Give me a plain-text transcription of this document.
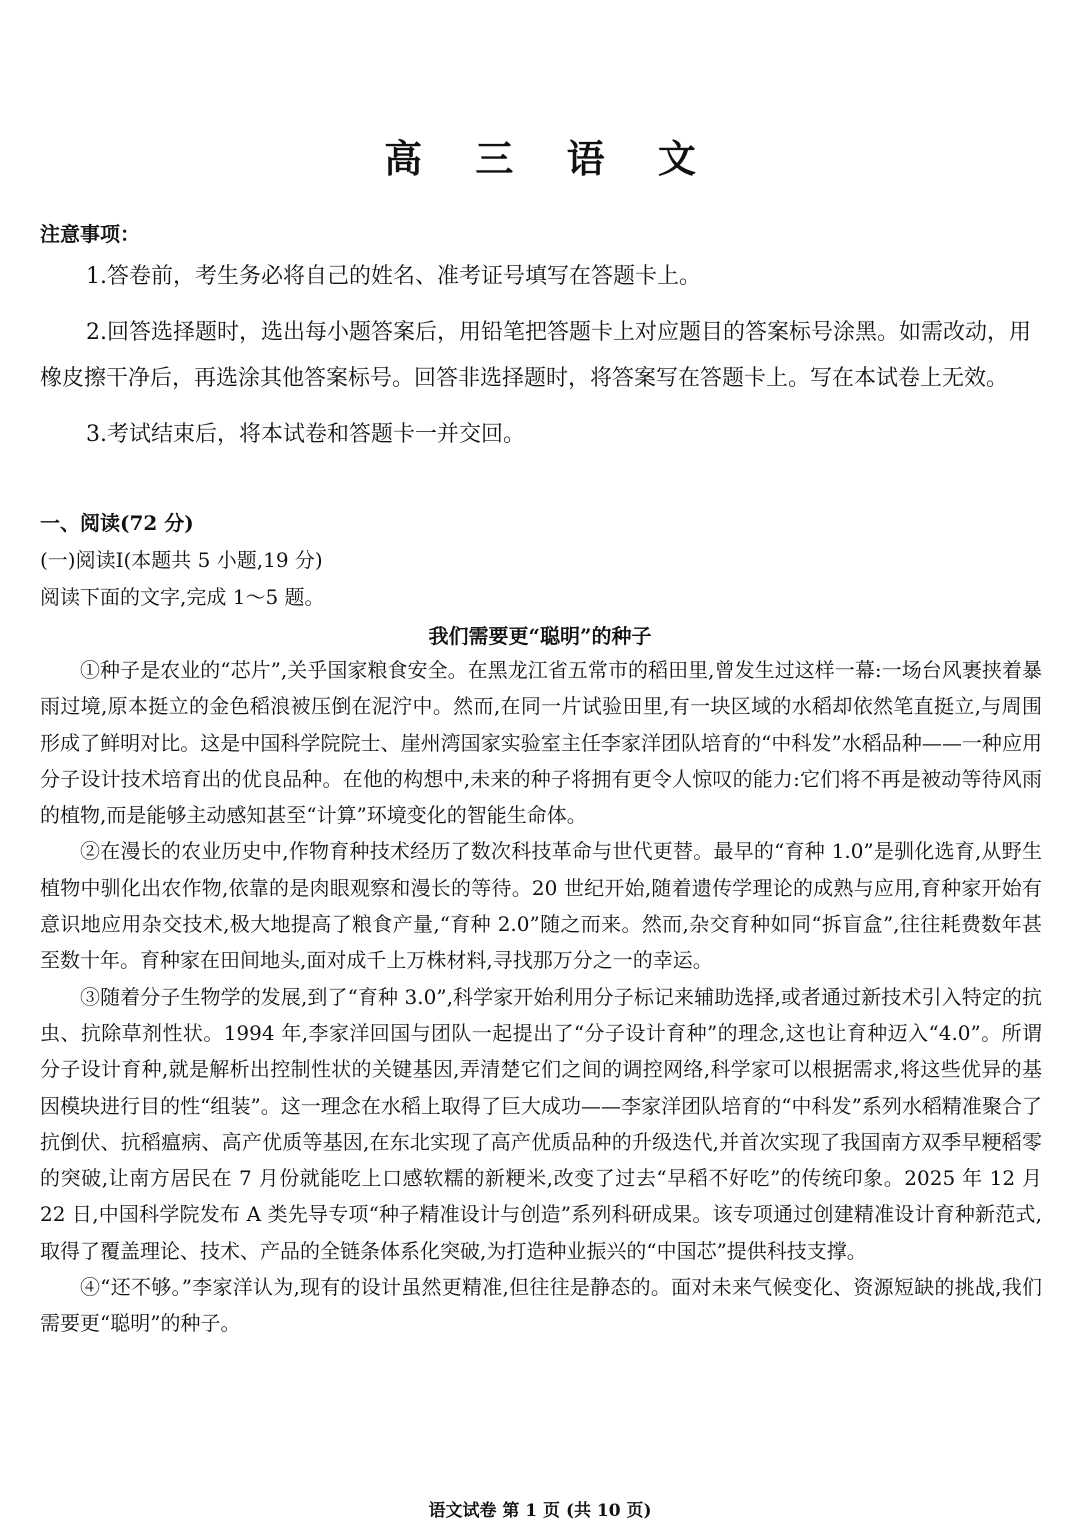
高 三 语 文
注意事项：

1.答卷前，考生务必将自己的姓名、准考证号填写在答题卡上。

2.回答选择题时，选出每小题答案后，用铅笔把答题卡上对应题目的答案标号涂黑。如需改动，用橡皮擦干净后，再选涂其他答案标号。回答非选择题时，将答案写在答题卡上。写在本试卷上无效。

3.考试结束后，将本试卷和答题卡一并交回。

一、阅读(72 分)
(一)阅读Ⅰ(本题共 5 小题,19 分)
阅读下面的文字,完成 1～5 题。
我们需要更“聪明”的种子

①种子是农业的“芯片”,关乎国家粮食安全。在黑龙江省五常市的稻田里,曾发生过这样一幕:一场台风裹挟着暴雨过境,原本挺立的金色稻浪被压倒在泥泞中。然而,在同一片试验田里,有一块区域的水稻却依然笔直挺立,与周围形成了鲜明对比。这是中国科学院院士、崖州湾国家实验室主任李家洋团队培育的“中科发”水稻品种——一种应用分子设计技术培育出的优良品种。在他的构想中,未来的种子将拥有更令人惊叹的能力:它们将不再是被动等待风雨的植物,而是能够主动感知甚至“计算”环境变化的智能生命体。

②在漫长的农业历史中,作物育种技术经历了数次科技革命与世代更替。最早的“育种 1.0”是驯化选育,从野生植物中驯化出农作物,依靠的是肉眼观察和漫长的等待。20 世纪开始,随着遗传学理论的成熟与应用,育种家开始有意识地应用杂交技术,极大地提高了粮食产量,“育种 2.0”随之而来。然而,杂交育种如同“拆盲盒”,往往耗费数年甚至数十年。育种家在田间地头,面对成千上万株材料,寻找那万分之一的幸运。

③随着分子生物学的发展,到了“育种 3.0”,科学家开始利用分子标记来辅助选择,或者通过新技术引入特定的抗虫、抗除草剂性状。1994 年,李家洋回国与团队一起提出了“分子设计育种”的理念,这也让育种迈入“4.0”。所谓分子设计育种,就是解析出控制性状的关键基因,弄清楚它们之间的调控网络,科学家可以根据需求,将这些优异的基因模块进行目的性“组装”。这一理念在水稻上取得了巨大成功——李家洋团队培育的“中科发”系列水稻精准聚合了抗倒伏、抗稻瘟病、高产优质等基因,在东北实现了高产优质品种的升级迭代,并首次实现了我国南方双季早粳稻零的突破,让南方居民在 7 月份就能吃上口感软糯的新粳米,改变了过去“早稻不好吃”的传统印象。2025 年 12 月 22 日,中国科学院发布 A 类先导专项“种子精准设计与创造”系列科研成果。该专项通过创建精准设计育种新范式,取得了覆盖理论、技术、产品的全链条体系化突破,为打造种业振兴的“中国芯”提供科技支撑。

④“还不够。”李家洋认为,现有的设计虽然更精准,但往往是静态的。面对未来气候变化、资源短缺的挑战,我们需要更“聪明”的种子。

语文试卷 第 1 页 (共 10 页)
